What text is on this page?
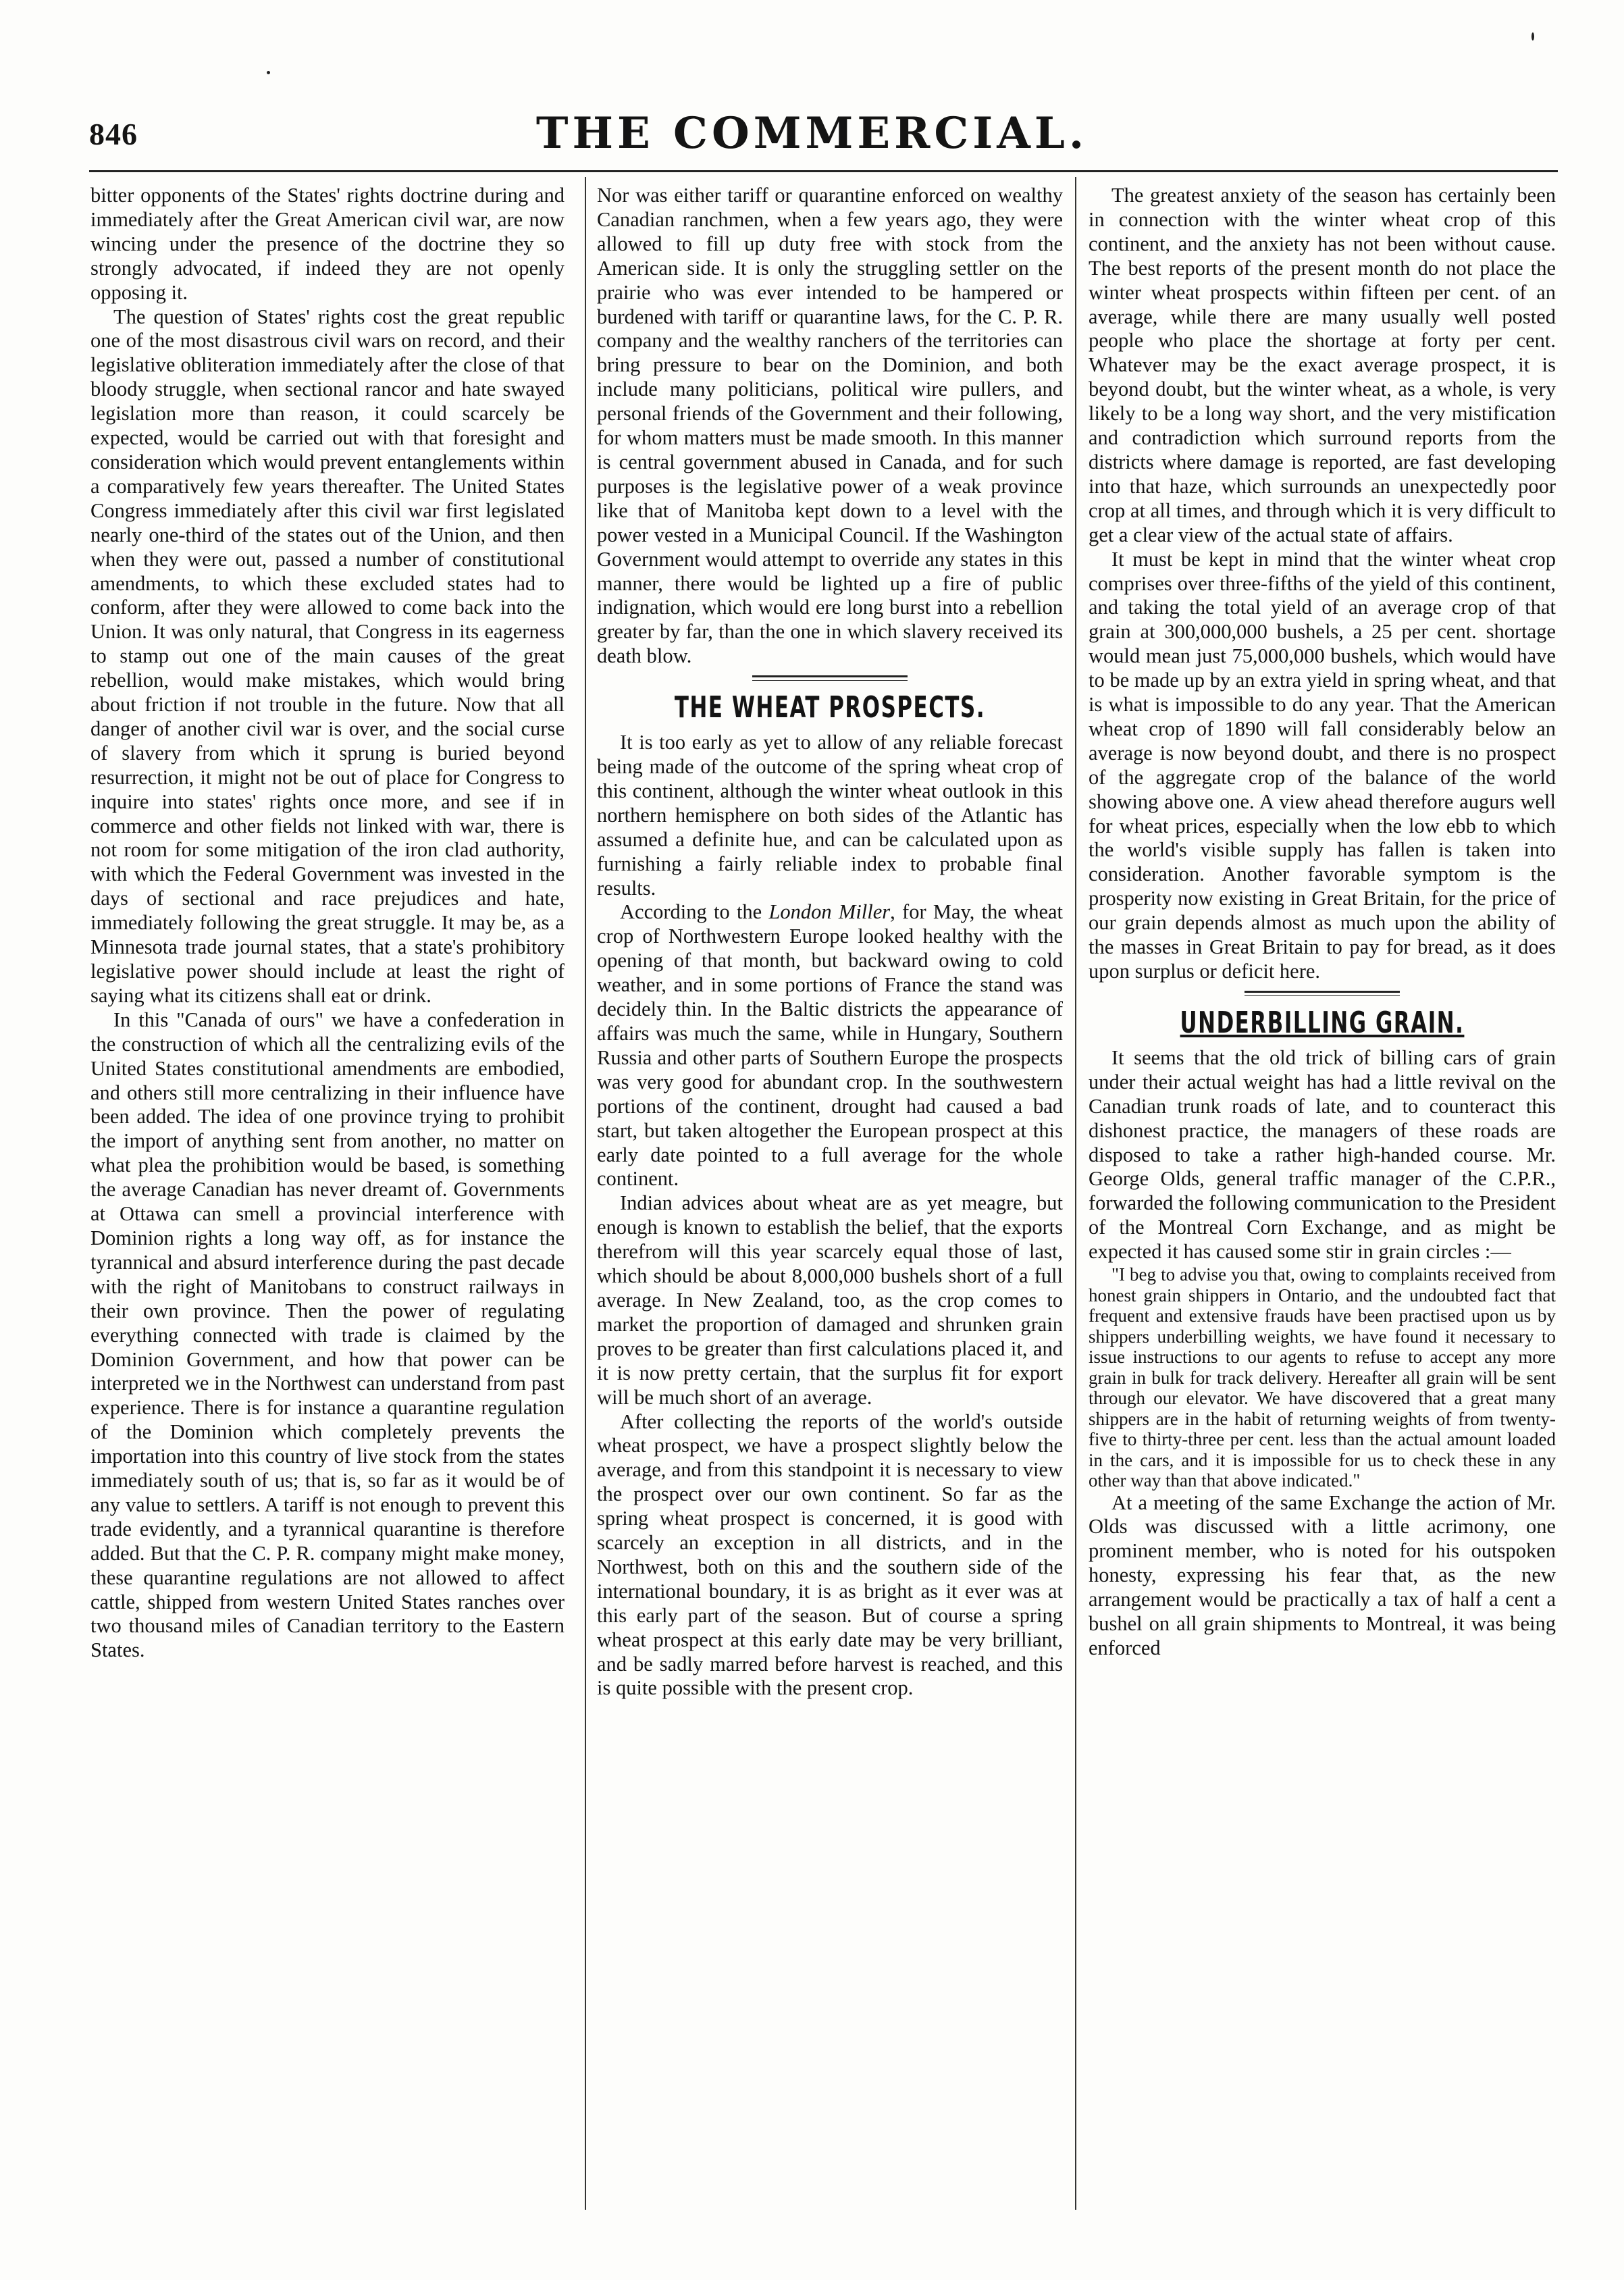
846	THE COMMERCIAL.

bitter opponents of the States' rights doctrine during and immediately after the Great American civil war, are now wincing under the presence of the doctrine they so strongly advocated, if indeed they are not openly opposing it.

The question of States' rights cost the great republic one of the most disastrous civil wars on record, and their legislative obliteration immediately after the close of that bloody struggle, when sectional rancor and hate swayed legislation more than reason, it could scarcely be expected, would be carried out with that foresight and consideration which would prevent entanglements within a comparatively few years thereafter. The United States Congress immediately after this civil war first legislated nearly one-third of the states out of the Union, and then when they were out, passed a number of constitutional amendments, to which these excluded states had to conform, after they were allowed to come back into the Union. It was only natural, that Congress in its eagerness to stamp out one of the main causes of the great rebellion, would make mistakes, which would bring about friction if not trouble in the future. Now that all danger of another civil war is over, and the social curse of slavery from which it sprung is buried beyond resurrection, it might not be out of place for Congress to inquire into states' rights once more, and see if in commerce and other fields not linked with war, there is not room for some mitigation of the iron clad authority, with which the Federal Government was invested in the days of sectional and race prejudices and hate, immediately following the great struggle. It may be, as a Minnesota trade journal states, that a state's prohibitory legislative power should include at least the right of saying what its citizens shall eat or drink.

In this "Canada of ours" we have a confederation in the construction of which all the centralizing evils of the United States constitutional amendments are embodied, and others still more centralizing in their influence have been added. The idea of one province trying to prohibit the import of anything sent from another, no matter on what plea the prohibition would be based, is something the average Canadian has never dreamt of. Governments at Ottawa can smell a provincial interference with Dominion rights a long way off, as for instance the tyrannical and absurd interference during the past decade with the right of Manitobans to construct railways in their own province. Then the power of regulating everything connected with trade is claimed by the Dominion Government, and how that power can be interpreted we in the Northwest can understand from past experience. There is for instance a quarantine regulation of the Dominion which completely prevents the importation into this country of live stock from the states immediately south of us; that is, so far as it would be of any value to settlers. A tariff is not enough to prevent this trade evidently, and a tyrannical quarantine is therefore added. But that the C. P. R. company might make money, these quarantine regulations are not allowed to affect cattle, shipped from western United States ranches over two thousand miles of Canadian territory to the Eastern States.

Nor was either tariff or quarantine enforced on wealthy Canadian ranchmen, when a few years ago, they were allowed to fill up duty free with stock from the American side. It is only the struggling settler on the prairie who was ever intended to be hampered or burdened with tariff or quarantine laws, for the C. P. R. company and the wealthy ranchers of the territories can bring pressure to bear on the Dominion, and both include many politicians, political wire pullers, and personal friends of the Government and their following, for whom matters must be made smooth. In this manner is central government abused in Canada, and for such purposes is the legislative power of a weak province like that of Manitoba kept down to a level with the power vested in a Municipal Council. If the Washington Government would attempt to override any states in this manner, there would be lighted up a fire of public indignation, which would ere long burst into a rebellion greater by far, than the one in which slavery received its death blow.

THE WHEAT PROSPECTS.

It is too early as yet to allow of any reliable forecast being made of the outcome of the spring wheat crop of this continent, although the winter wheat outlook in this northern hemisphere on both sides of the Atlantic has assumed a definite hue, and can be calculated upon as furnishing a fairly reliable index to probable final results.

According to the London Miller, for May, the wheat crop of Northwestern Europe looked healthy with the opening of that month, but backward owing to cold weather, and in some portions of France the stand was decidely thin. In the Baltic districts the appearance of affairs was much the same, while in Hungary, Southern Russia and other parts of Southern Europe the prospects was very good for abundant crop. In the southwestern portions of the continent, drought had caused a bad start, but taken altogether the European prospect at this early date pointed to a full average for the whole continent.

Indian advices about wheat are as yet meagre, but enough is known to establish the belief, that the exports therefrom will this year scarcely equal those of last, which should be about 8,000,000 bushels short of a full average. In New Zealand, too, as the crop comes to market the proportion of damaged and shrunken grain proves to be greater than first calculations placed it, and it is now pretty certain, that the surplus fit for export will be much short of an average.

After collecting the reports of the world's outside wheat prospect, we have a prospect slightly below the average, and from this standpoint it is necessary to view the prospect over our own continent. So far as the spring wheat prospect is concerned, it is good with scarcely an exception in all districts, and in the Northwest, both on this and the southern side of the international boundary, it is as bright as it ever was at this early part of the season. But of course a spring wheat prospect at this early date may be very brilliant, and be sadly marred before harvest is reached, and this is quite possible with the present crop.

The greatest anxiety of the season has certainly been in connection with the winter wheat crop of this continent, and the anxiety has not been without cause. The best reports of the present month do not place the winter wheat prospects within fifteen per cent. of an average, while there are many usually well posted people who place the shortage at forty per cent. Whatever may be the exact average prospect, it is beyond doubt, but the winter wheat, as a whole, is very likely to be a long way short, and the very mistification and contradiction which surround reports from the districts where damage is reported, are fast developing into that haze, which surrounds an unexpectedly poor crop at all times, and through which it is very difficult to get a clear view of the actual state of affairs.

It must be kept in mind that the winter wheat crop comprises over three-fifths of the yield of this continent, and taking the total yield of an average crop of that grain at 300,000,000 bushels, a 25 per cent. shortage would mean just 75,000,000 bushels, which would have to be made up by an extra yield in spring wheat, and that is what is impossible to do any year. That the American wheat crop of 1890 will fall considerably below an average is now beyond doubt, and there is no prospect of the aggregate crop of the balance of the world showing above one. A view ahead therefore augurs well for wheat prices, especially when the low ebb to which the world's visible supply has fallen is taken into consideration. Another favorable symptom is the prosperity now existing in Great Britain, for the price of our grain depends almost as much upon the ability of the masses in Great Britain to pay for bread, as it does upon surplus or deficit here.

UNDERBILLING GRAIN.

It seems that the old trick of billing cars of grain under their actual weight has had a little revival on the Canadian trunk roads of late, and to counteract this dishonest practice, the managers of these roads are disposed to take a rather high-handed course. Mr. George Olds, general traffic manager of the C.P.R., forwarded the following communication to the President of the Montreal Corn Exchange, and as might be expected it has caused some stir in grain circles :—

"I beg to advise you that, owing to complaints received from honest grain shippers in Ontario, and the undoubted fact that frequent and extensive frauds have been practised upon us by shippers underbilling weights, we have found it necessary to issue instructions to our agents to refuse to accept any more grain in bulk for track delivery. Hereafter all grain will be sent through our elevator. We have discovered that a great many shippers are in the habit of returning weights of from twenty-five to thirty-three per cent. less than the actual amount loaded in the cars, and it is impossible for us to check these in any other way than that above indicated."

At a meeting of the same Exchange the action of Mr. Olds was discussed with a little acrimony, one prominent member, who is noted for his outspoken honesty, expressing his fear that, as the new arrangement would be practically a tax of half a cent a bushel on all grain shipments to Montreal, it was being enforced
